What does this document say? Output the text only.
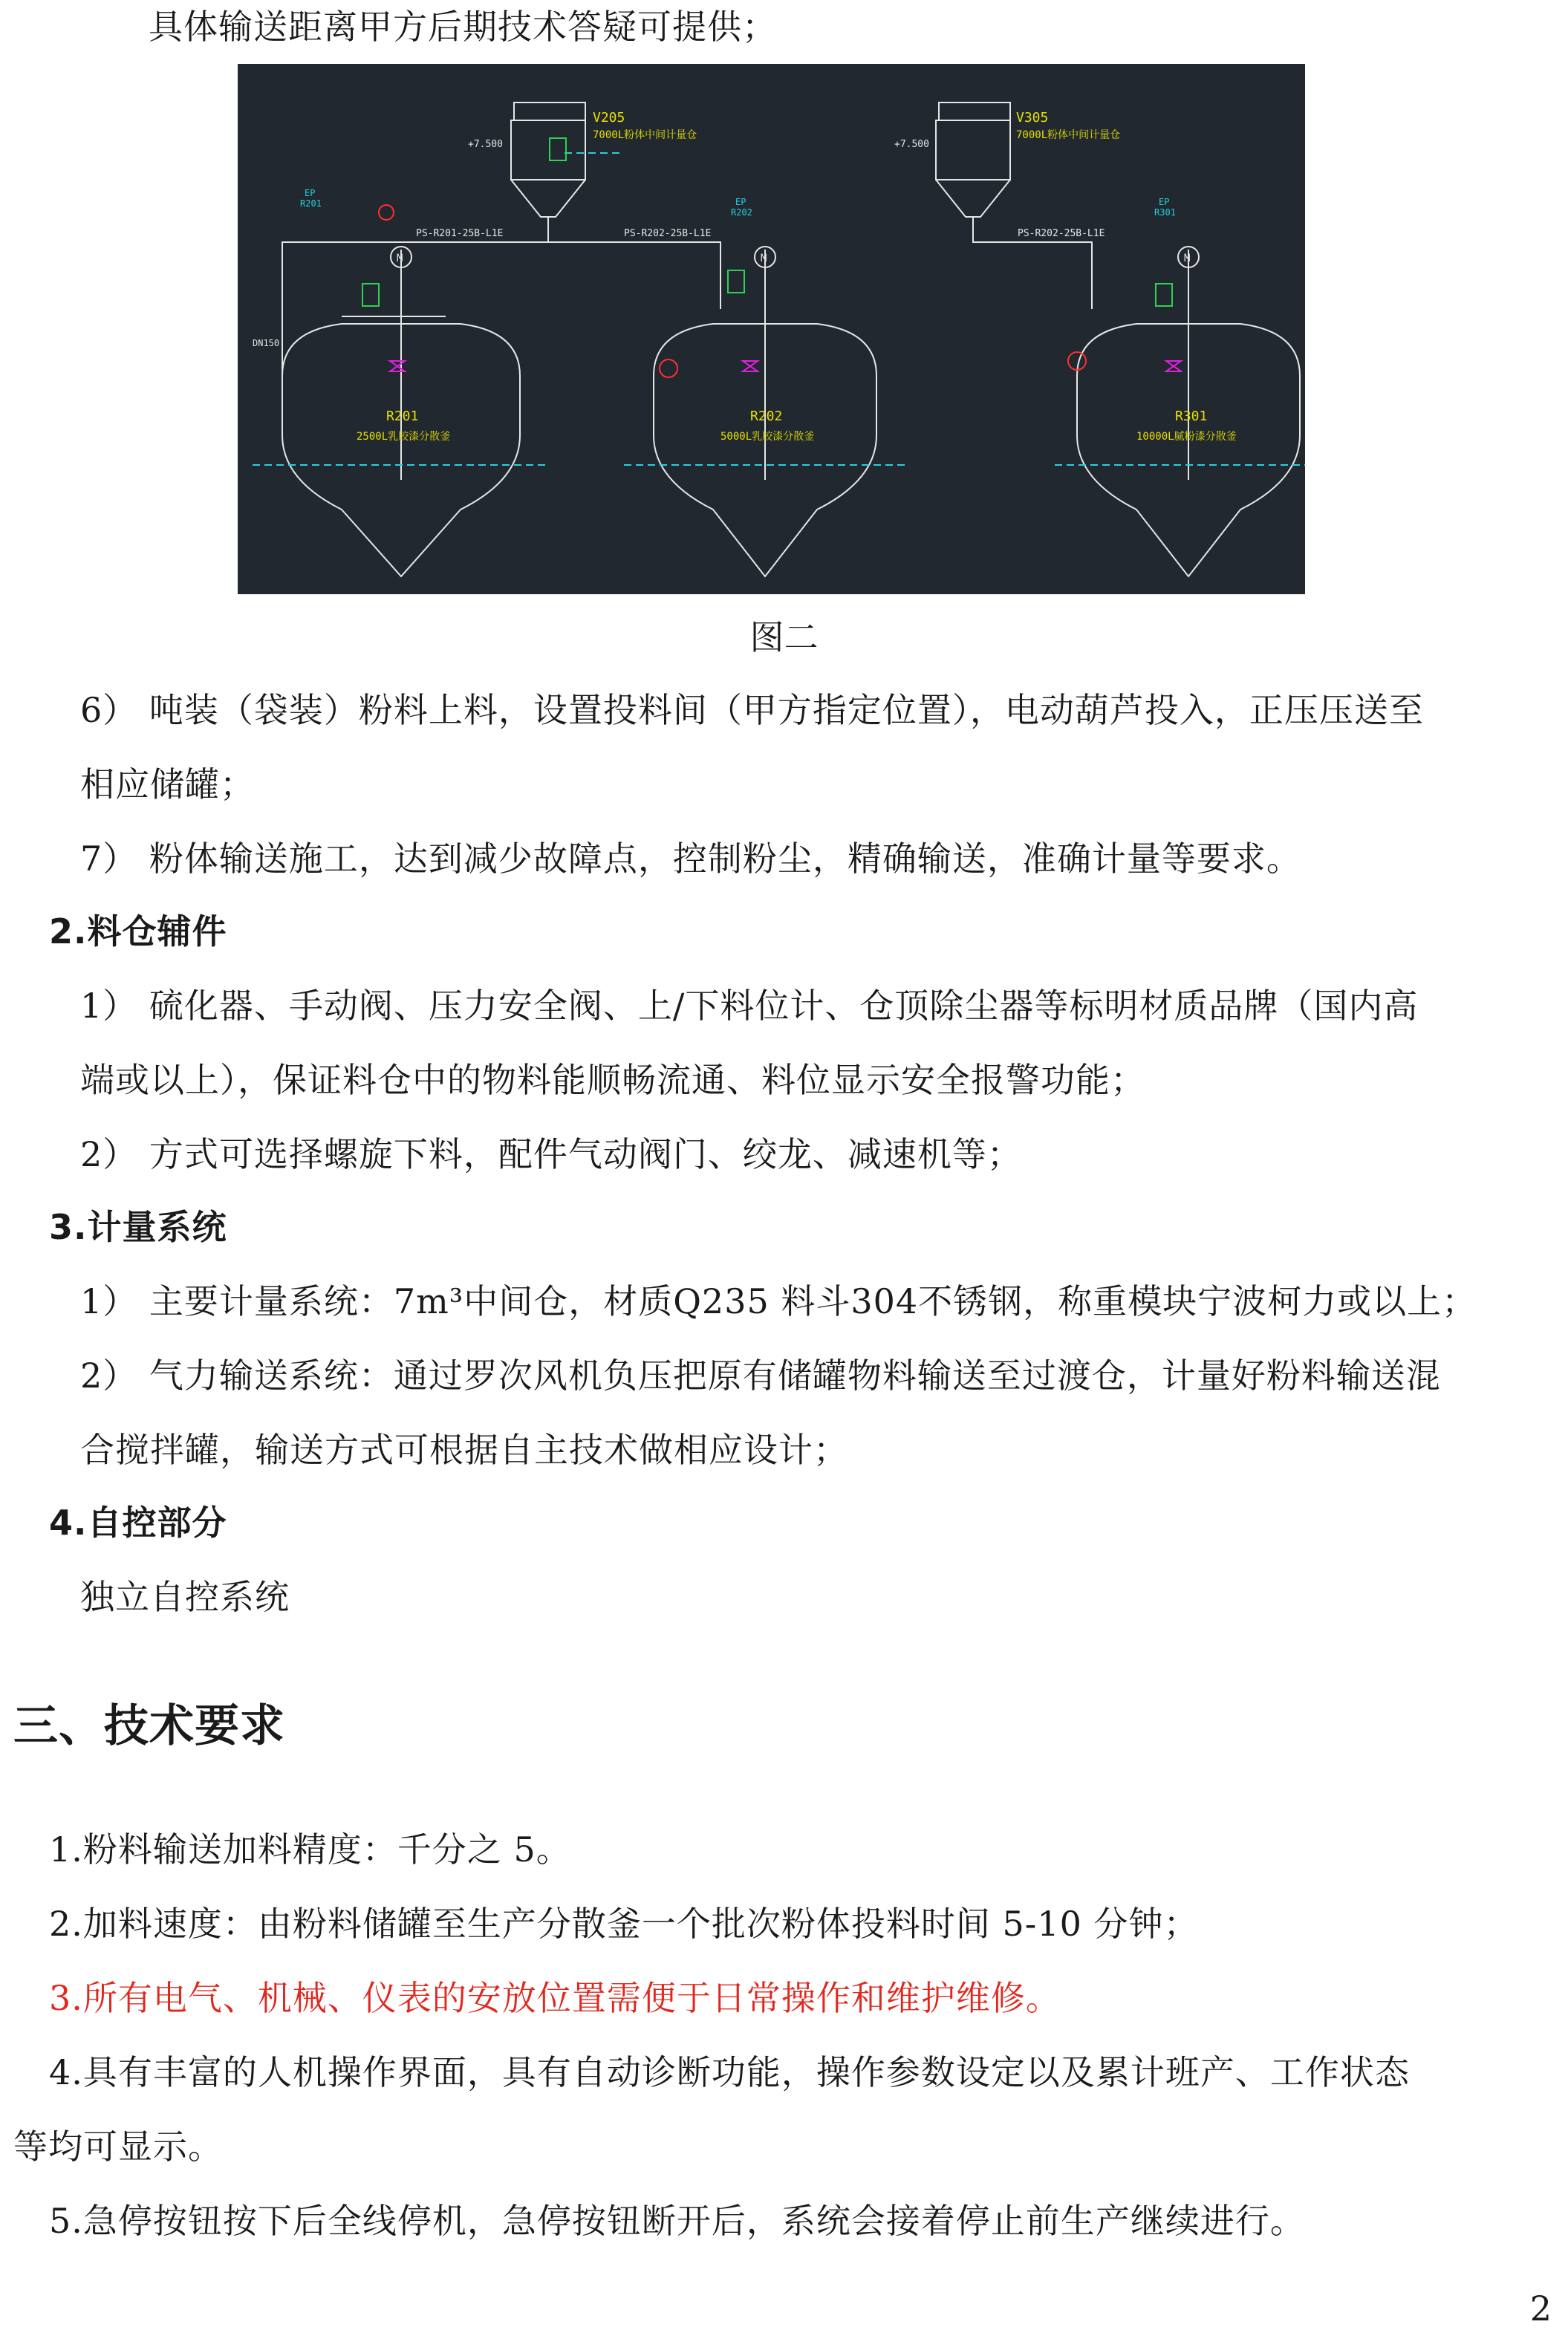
具体输送距离甲方后期技术答疑可提供；
V205
7000L粉体中间计量仓
V305
7000L粉体中间计量仓
R201
2500L乳胶漆分散釜
R202
5000L乳胶漆分散釜
R301
10000L腻粉漆分散釜
PS-R201-25B-L1E	PS-R202-25B-L1E	PS-R202-25B-L1E
+7.500	+7.500
M	M	M
EP
R201	EP
R202
EP
R301
DN150
图二
6） 吨装（袋装）粉料上料，设置投料间（甲方指定位置），电动葫芦投入，正压压送至
相应储罐；
7） 粉体输送施工，达到减少故障点，控制粉尘，精确输送，准确计量等要求。
2.料仓辅件
1） 硫化器、手动阀、压力安全阀、上/下料位计、仓顶除尘器等标明材质品牌（国内高
端或以上），保证料仓中的物料能顺畅流通、料位显示安全报警功能；
2） 方式可选择螺旋下料，配件气动阀门、绞龙、减速机等；
3.计量系统
1） 主要计量系统：7m³中间仓，材质Q235 料斗304不锈钢，称重模块宁波柯力或以上；
2） 气力输送系统：通过罗次风机负压把原有储罐物料输送至过渡仓，计量好粉料输送混
合搅拌罐，输送方式可根据自主技术做相应设计；
4.自控部分
独立自控系统
三、技术要求
1.粉料输送加料精度：千分之 5。
2.加料速度：由粉料储罐至生产分散釜一个批次粉体投料时间 5-10 分钟；
3.所有电气、机械、仪表的安放位置需便于日常操作和维护维修。
4.具有丰富的人机操作界面，具有自动诊断功能，操作参数设定以及累计班产、工作状态
等均可显示。
5.急停按钮按下后全线停机，急停按钮断开后，系统会接着停止前生产继续进行。
2
